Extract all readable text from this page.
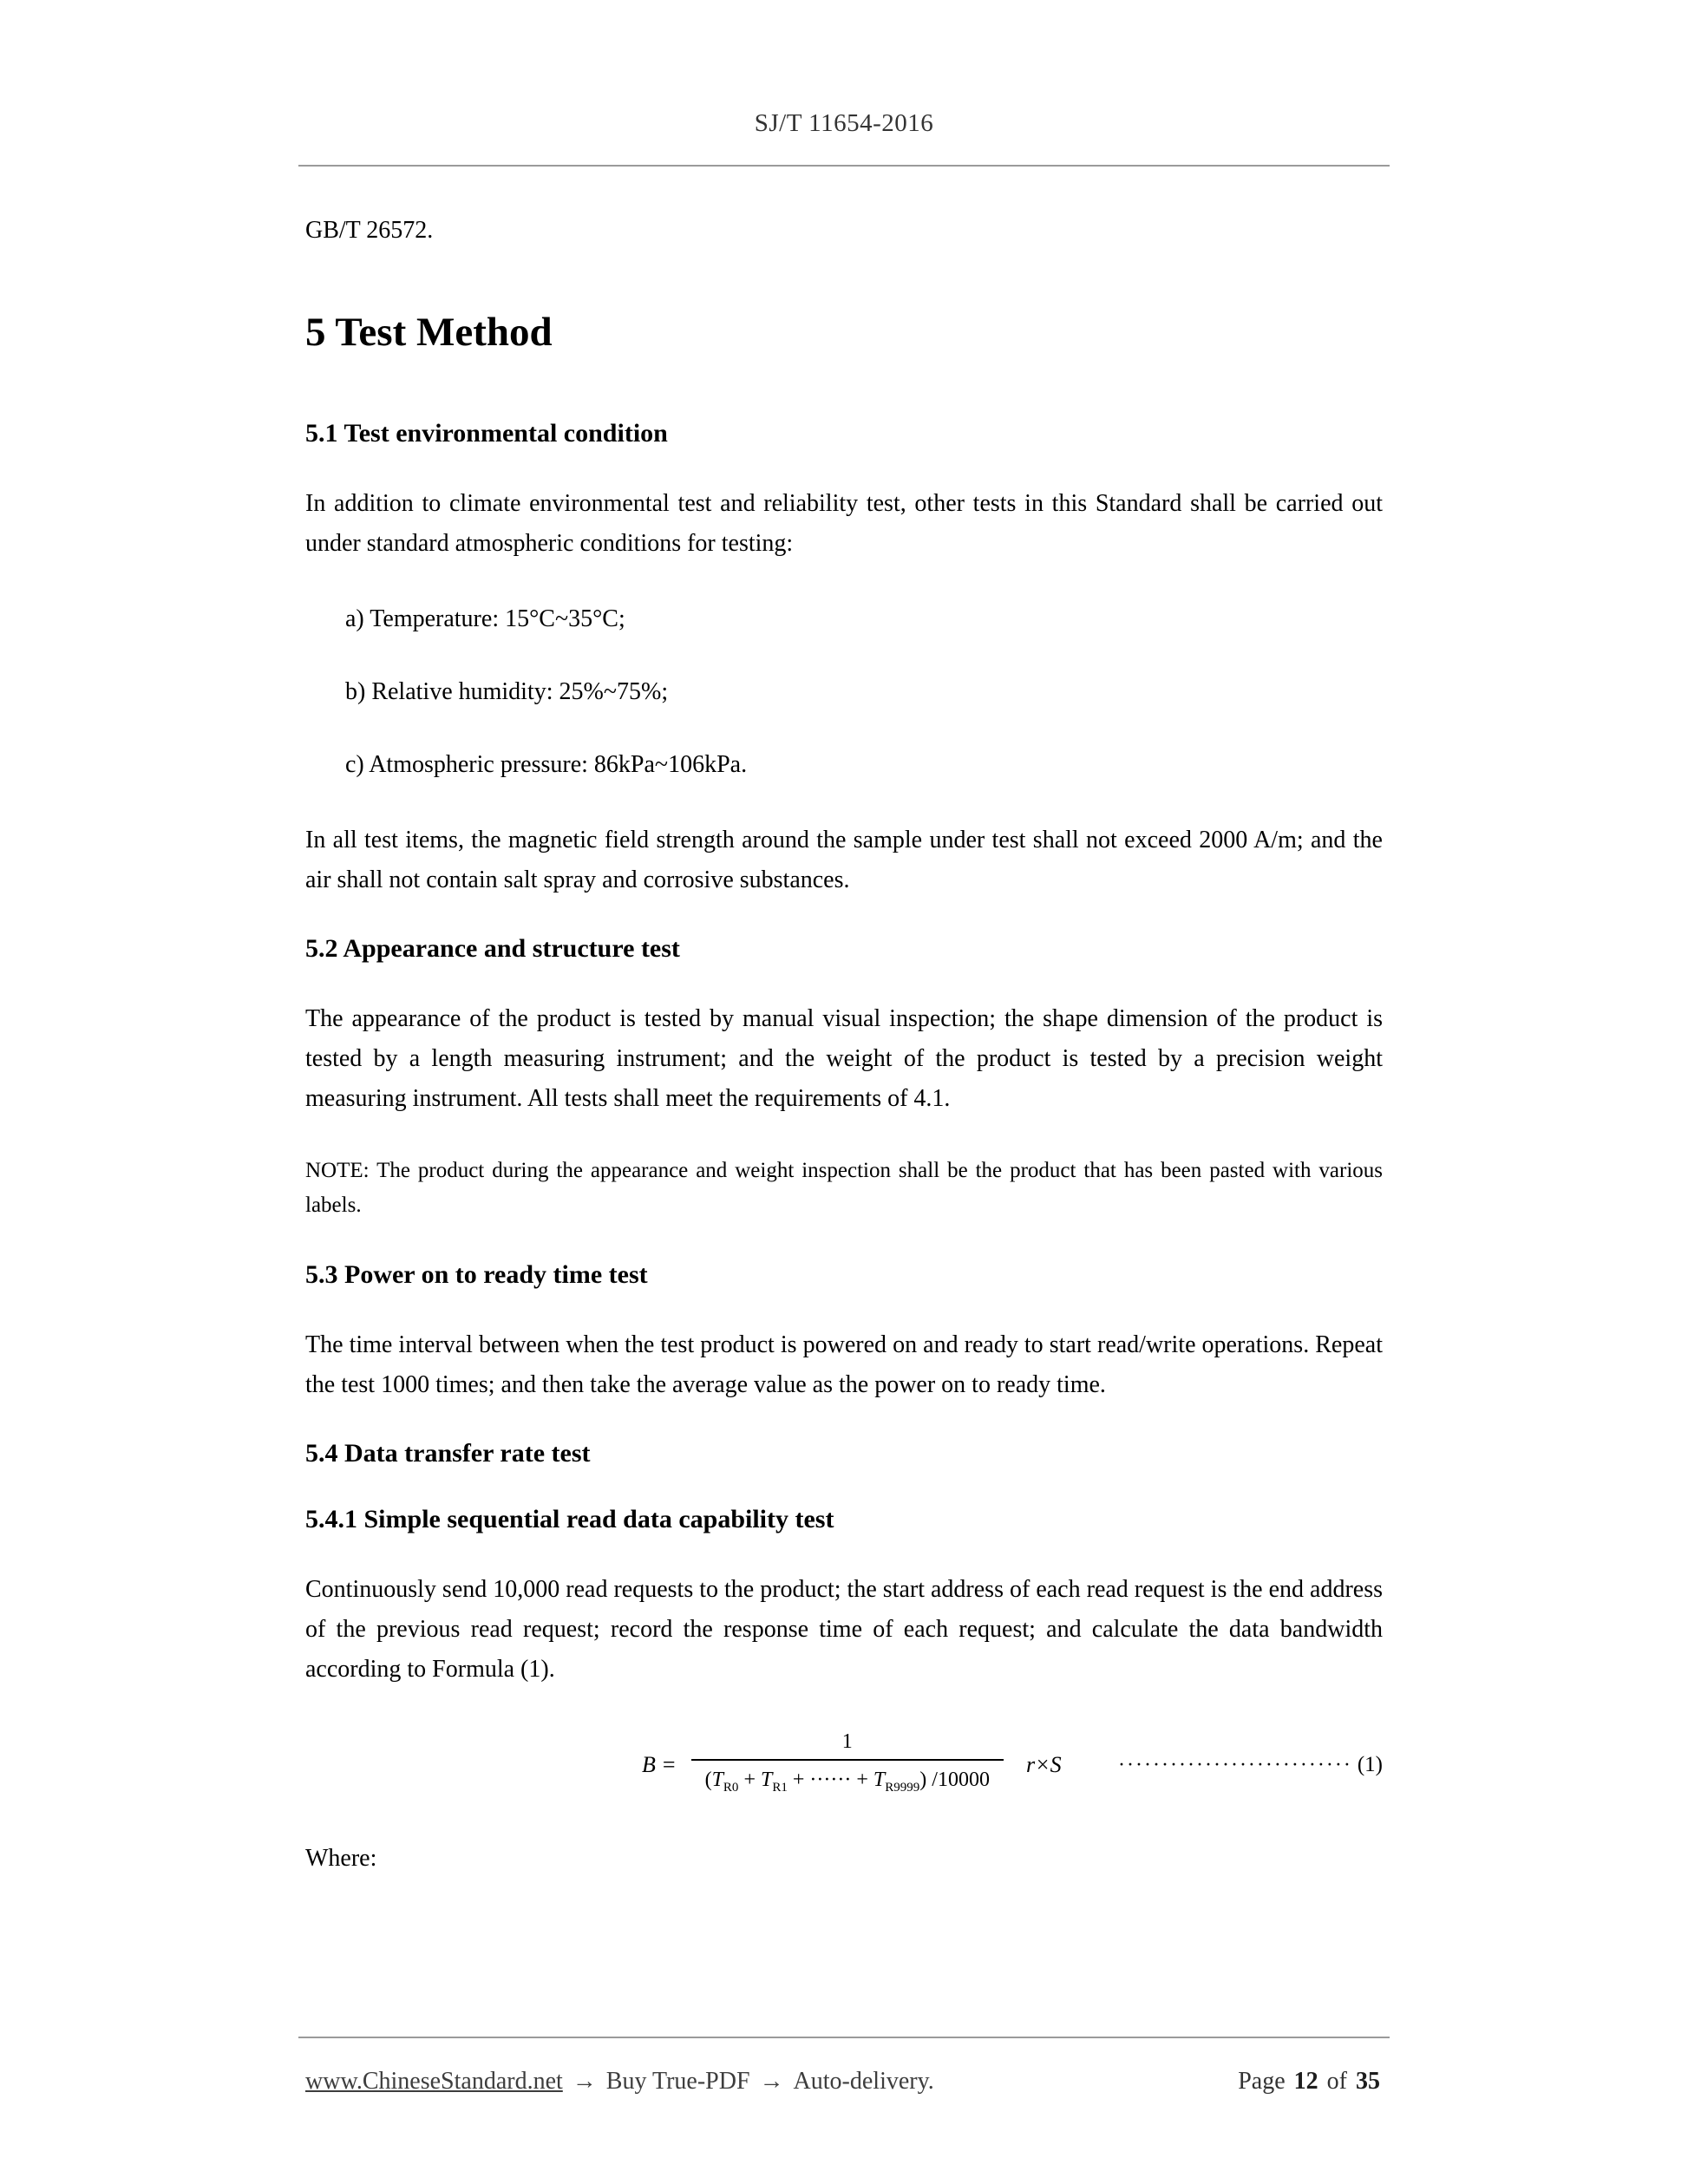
SJ/T 11654-2016

GB/T 26572.

5 Test Method
5.1 Test environmental condition

In addition to climate environmental test and reliability test, other tests in this Standard shall be carried out under standard atmospheric conditions for testing:

a) Temperature: 15°C~35°C;
b) Relative humidity: 25%~75%;
c) Atmospheric pressure: 86kPa~106kPa.

In all test items, the magnetic field strength around the sample under test shall not exceed 2000 A/m; and the air shall not contain salt spray and corrosive substances.

5.2 Appearance and structure test

The appearance of the product is tested by manual visual inspection; the shape dimension of the product is tested by a length measuring instrument; and the weight of the product is tested by a precision weight measuring instrument. All tests shall meet the requirements of 4.1.

NOTE: The product during the appearance and weight inspection shall be the product that has been pasted with various labels.

5.3 Power on to ready time test

The time interval between when the test product is powered on and ready to start read/write operations. Repeat the test 1000 times; and then take the average value as the power on to ready time.

5.4 Data transfer rate test
5.4.1 Simple sequential read data capability test

Continuously send 10,000 read requests to the product; the start address of each read request is the end address of the previous read request; record the response time of each request; and calculate the data bandwidth according to Formula (1).

$B = \frac{1}{(T_{R0} + T_{R1} + \cdot\cdot\cdot\cdot\cdot\cdot + T_{R9999}) /10000} r\times S$	··························· (1)

Where:

www.ChineseStandard.net → Buy True-PDF → Auto-delivery.	Page 12 of 35
